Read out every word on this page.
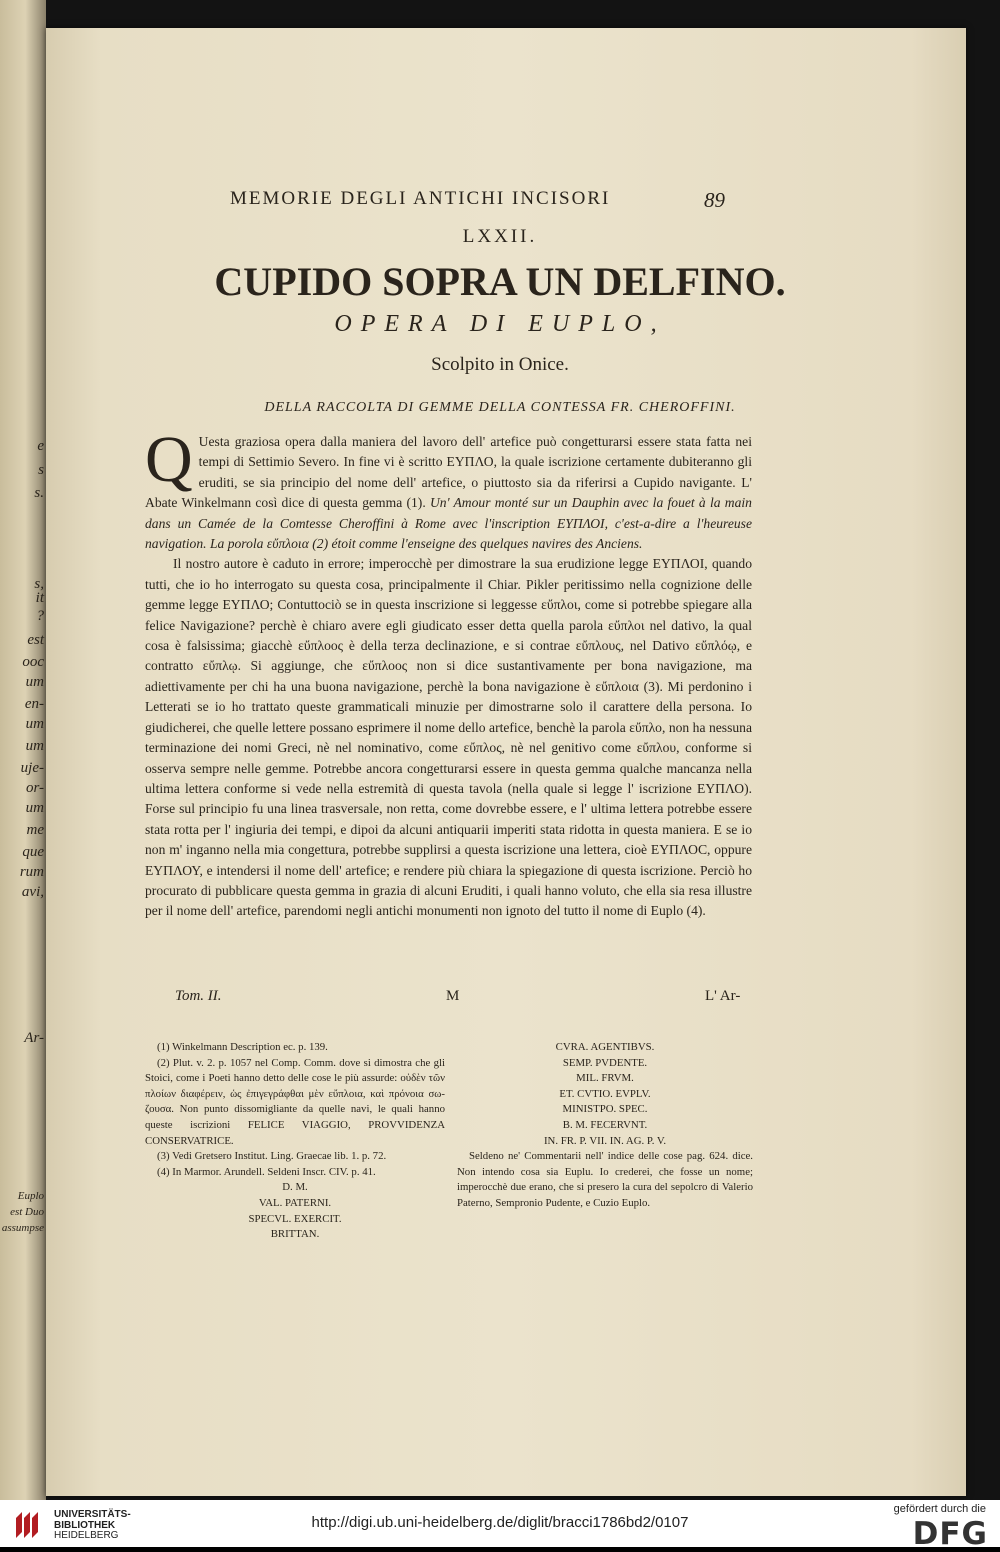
e
s
s.
s,
it
?
est
ooc
um
en-
um
um
uje-
or-
um
me
que
rum
avi,
Ar-
Euplo
est Duo
assumpse
MEMORIE DEGLI ANTICHI INCISORI	89
LXXII.
CUPIDO SOPRA UN DELFINO.
OPERA DI EUPLO,
Scolpito in Onice.
DELLA RACCOLTA DI GEMME DELLA CONTESSA FR. CHEROFFINI.

Q Uesta graziosa opera dalla maniera del lavoro dell' artefice può congetturarsi essere stata fatta nei tempi di Settimio Severo. In fine vi è scritto ΕΥΠΛΟ, la quale iscrizione certamente dubiteranno gli eruditi, se sia principio del nome dell' artefice, o piuttosto sia da riferirsi a Cupido navigante. L' Abate Winkelmann così dice di questa gemma (1). Un' Amour monté sur un Dauphin avec la fouet à la main dans un Camée de la Comtesse Cheroffini à Rome avec l'inscription ΕΥΠΛΟΙ, c'est-a-dire a l'heureuse navigation. La porola εὔπλοια (2) étoit comme l'enseigne des quelques navires des Anciens.

Il nostro autore è caduto in errore; imperocchè per dimostrare la sua erudizione legge ΕΥΠΛΟΙ, quando tutti, che io ho interrogato su questa cosa, principalmente il Chiar. Pikler peritissimo nella cognizione delle gemme legge ΕΥΠΛΟ; Contuttociò se in questa inscrizione si leggesse εὔπλοι, come si potrebbe spiegare alla felice Navigazione? perchè è chiaro avere egli giudicato esser detta quella parola εὔπλοι nel dativo, la qual cosa è falsissima; giacchè εὔπλοος è della terza declinazione, e si contrae εὔπλους, nel Dativo εὔπλόῳ, e contratto εὔπλῳ. Si aggiunge, che εὔπλοος non si dice sustantivamente per bona navigazione, ma adiettivamente per chi ha una buona navigazione, perchè la bona navigazione è εὔπλοια (3). Mi perdonino i Letterati se io ho trattato queste grammaticali minuzie per dimostrarne solo il carattere della persona. Io giudicherei, che quelle lettere possano esprimere il nome dello artefice, benchè la parola εὔπλο, non ha nessuna terminazione dei nomi Greci, nè nel nominativo, come εὔπλος, nè nel genitivo come εὔπλου, conforme si osserva sempre nelle gemme. Potrebbe ancora congetturarsi essere in questa gemma qualche mancanza nella ultima lettera conforme si vede nella estremità di questa tavola (nella quale si legge l' iscrizione ΕΥΠΛΟ). Forse sul principio fu una linea trasversale, non retta, come dovrebbe essere, e l' ultima lettera potrebbe essere stata rotta per l' ingiuria dei tempi, e dipoi da alcuni antiquarii imperiti stata ridotta in questa maniera. E se io non m' inganno nella mia congettura, potrebbe supplirsi a questa iscrizione una lettera, cioè ΕΥΠΛΟϹ, oppure ΕΥΠΛΟΥ, e intendersi il nome dell' artefice; e rendere più chiara la spiegazione di questa iscrizione. Perciò ho procurato di pubblicare questa gemma in grazia di alcuni Eruditi, i quali hanno voluto, che ella sia resa illustre per il nome dell' artefice, parendomi negli antichi monumenti non ignoto del tutto il nome di Euplo (4).

Tom. II.	M	L' Ar-

(1) Winkelmann Description ec. p. 139.

(2) Plut. v. 2. p. 1057 nel Comp. Comm. dove si dimostra che gli Stoici, come i Poeti hanno detto delle cose le più assurde: οὐδὲν τῶν πλοίων διαφέρειν, ὡς ἐπιγεγράφθαι μὲν εὔπλοια, καὶ πρόνοια σω-ζουσα. Non punto dissomigliante da quelle navi, le quali hanno queste iscrizioni FELICE VIAGGIO, PROVVIDENZA CONSERVATRICE.

(3) Vedi Gretsero Institut. Ling. Graecae lib. 1. p. 72.

(4) In Marmor. Arundell. Seldeni Inscr. CIV. p. 41.

D. M.

VAL. PATERNI.

SPECVL. EXERCIT.

BRITTAN.

CVRA. AGENTIBVS.

SEMP. PVDENTE.

MIL. FRVM.

ET. CVTIO. EVPLV.

MINISTPO. SPEC.

B. M. FECERVNT.

IN. FR. P. VII. IN. AG. P. V.

Seldeno ne' Commentarii nell' indice delle cose pag. 624. dice. Non intendo cosa sia Euplu. Io crederei, che fosse un nome; imperocchè due erano, che si presero la cura del sepolcro di Valerio Paterno, Sempronio Pudente, e Cuzio Euplo.

UNIVERSITÄTS-
BIBLIOTHEK
HEIDELBERG
http://digi.ub.uni-heidelberg.de/diglit/bracci1786bd2/0107
gefördert durch die
DFG
